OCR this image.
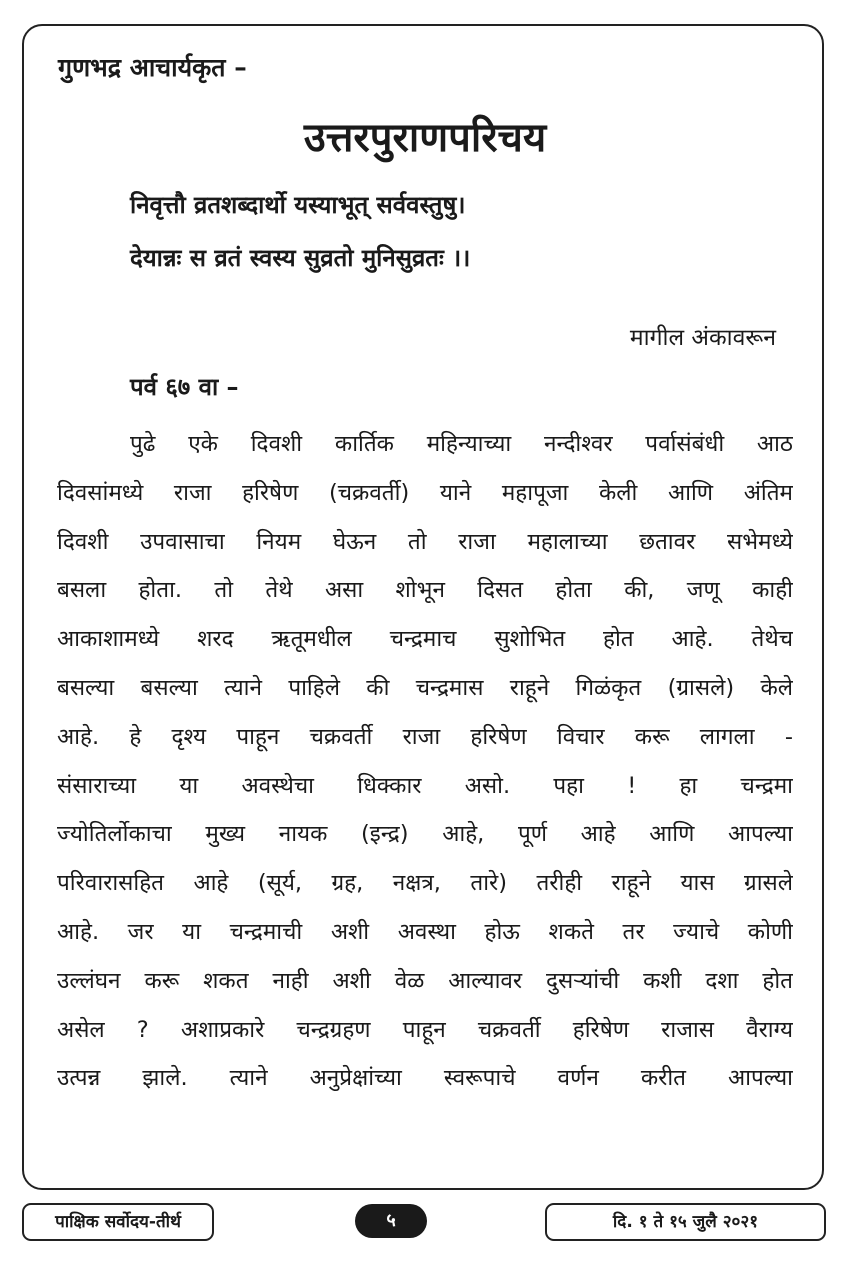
गुणभद्र आचार्यकृत –
उत्तरपुराणपरिचय
निवृत्तौ व्रतशब्दार्थो यस्याभूत् सर्ववस्तुषु।
देयान्नः स व्रतं स्वस्य सुव्रतो मुनिसुव्रतः ।।
मागील अंकावरून
पर्व ६७ वा –
पुढे एके दिवशी कार्तिक महिन्याच्या नन्दीश्वर पर्वासंबंधी आठ
दिवसांमध्ये राजा हरिषेण (चक्रवर्ती) याने महापूजा केली आणि अंतिम
दिवशी उपवासाचा नियम घेऊन तो राजा महालाच्या छतावर सभेमध्ये
बसला होता. तो तेथे असा शोभून दिसत होता की, जणू काही
आकाशामध्ये शरद ऋतूमधील चन्द्रमाच सुशोभित होत आहे. तेथेच
बसल्या बसल्या त्याने पाहिले की चन्द्रमास राहूने गिळंकृत (ग्रासले) केले
आहे. हे दृश्य पाहून चक्रवर्ती राजा हरिषेण विचार करू लागला -
संसाराच्या या अवस्थेचा धिक्कार असो. पहा ! हा चन्द्रमा
ज्योतिर्लोकाचा मुख्य नायक (इन्द्र) आहे, पूर्ण आहे आणि आपल्या
परिवारासहित आहे (सूर्य, ग्रह, नक्षत्र, तारे) तरीही राहूने यास ग्रासले
आहे. जर या चन्द्रमाची अशी अवस्था होऊ शकते तर ज्याचे कोणी
उल्लंघन करू शकत नाही अशी वेळ आल्यावर दुसऱ्यांची कशी दशा होत
असेल ? अशाप्रकारे चन्द्रग्रहण पाहून चक्रवर्ती हरिषेण राजास वैराग्य
उत्पन्न झाले. त्याने अनुप्रेक्षांच्या स्वरूपाचे वर्णन करीत आपल्या
पाक्षिक सर्वोदय-तीर्थ	५	दि. १ ते १५ जुलै २०२१
